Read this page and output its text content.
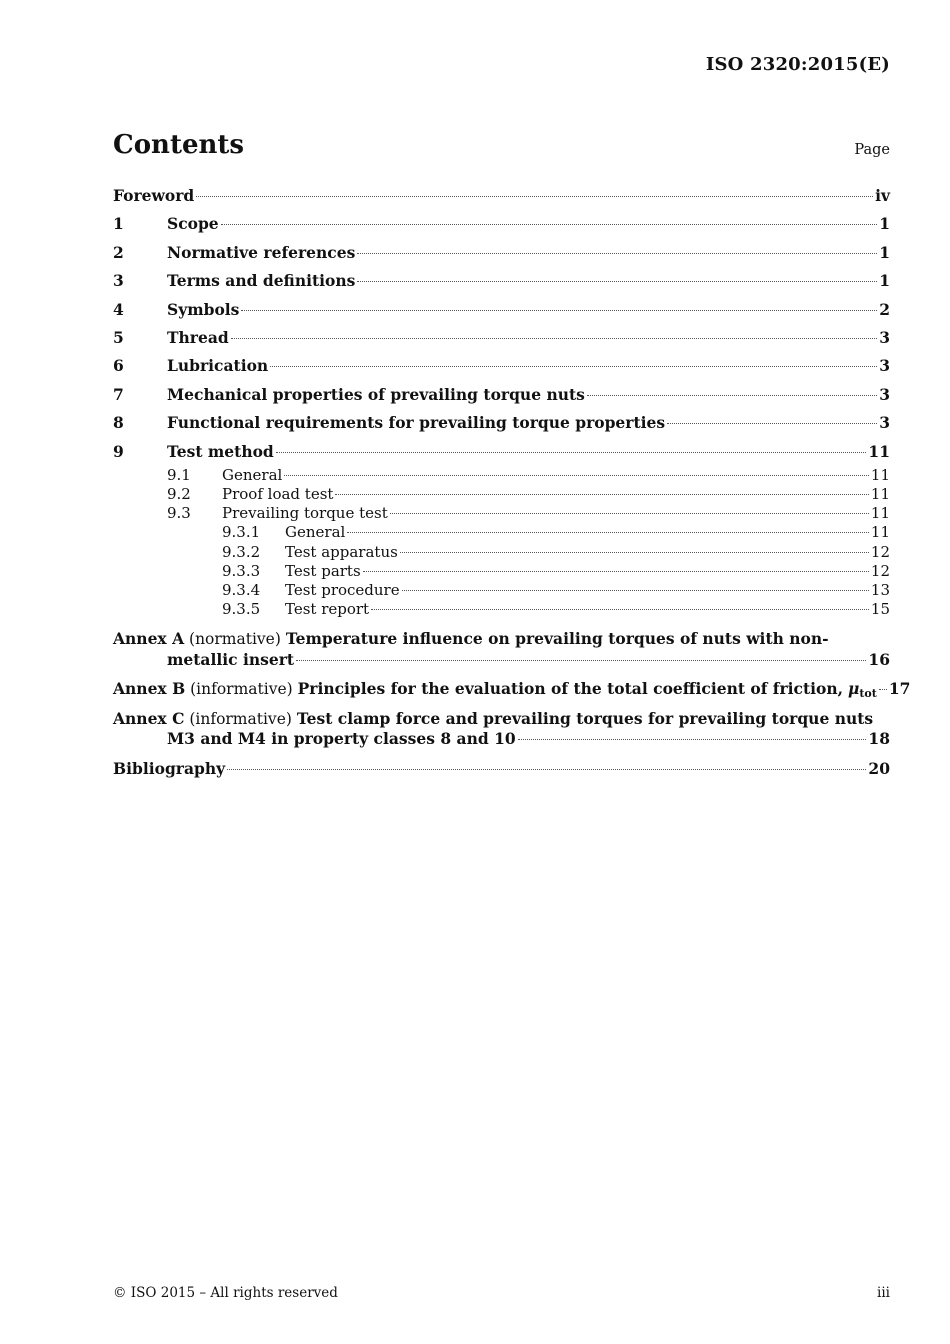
ISO 2320:2015(E)
Contents	Page
Foreword	iv
1	Scope	1
2	Normative references	1
3	Terms and definitions	1
4	Symbols	2
5	Thread	3
6	Lubrication	3
7	Mechanical properties of prevailing torque nuts	3
8	Functional requirements for prevailing torque properties	3
9	Test method	11
9.1	General	11
9.2	Proof load test	11
9.3	Prevailing torque test	11
9.3.1	General	11
9.3.2	Test apparatus	12
9.3.3	Test parts	12
9.3.4	Test procedure	13
9.3.5	Test report	15
Annex A (normative) Temperature influence on prevailing torques of nuts with non-
metallic insert	16
Annex B (informative) Principles for the evaluation of the total coefficient of friction, $\mu_{tot}$ 17
Annex C (informative) Test clamp force and prevailing torques for prevailing torque nuts
M3 and M4 in property classes 8 and 10	18
Bibliography	20
© ISO 2015 – All rights reserved	iii
